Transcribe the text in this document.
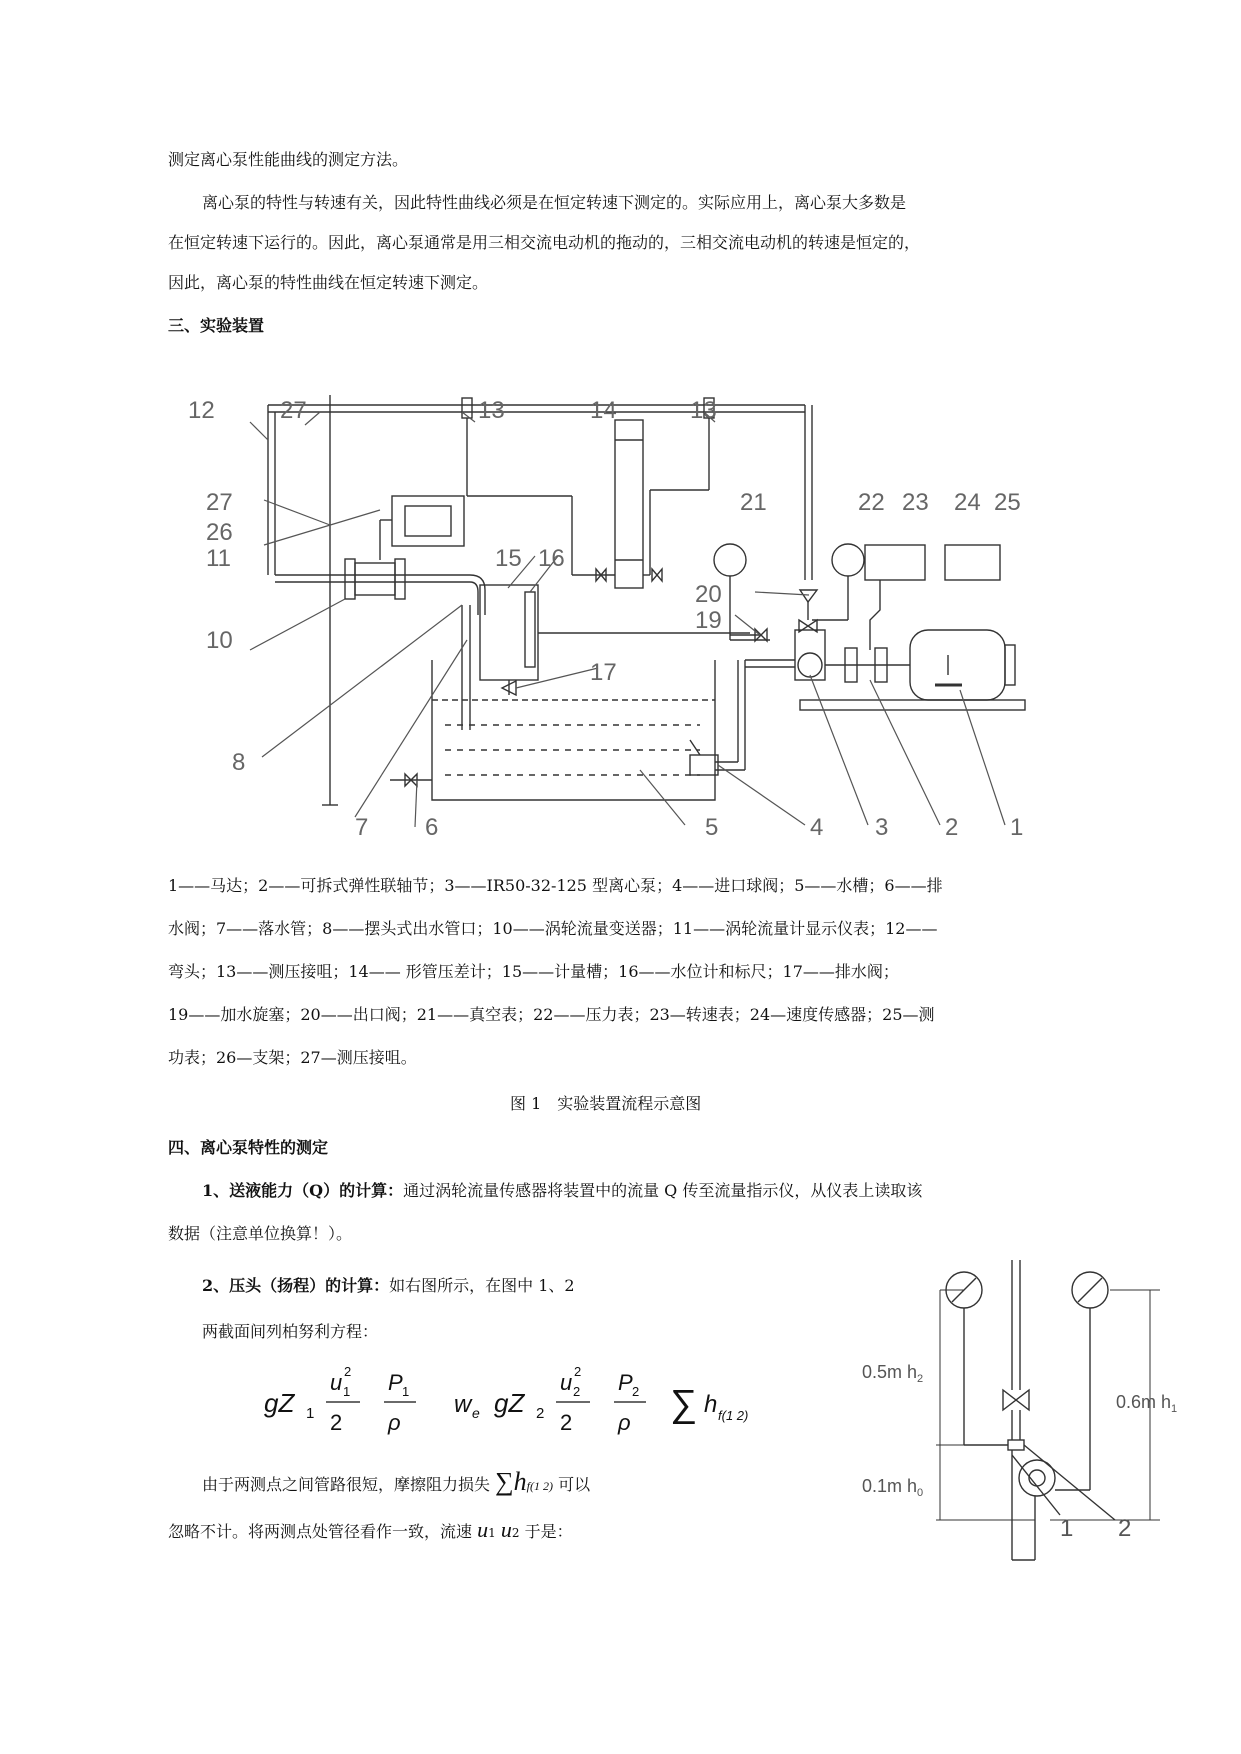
测定离心泵性能曲线的测定方法。
离心泵的特性与转速有关，因此特性曲线必须是在恒定转速下测定的。实际应用上，离心泵大多数是
在恒定转速下运行的。因此，离心泵通常是用三相交流电动机的拖动的，三相交流电动机的转速是恒定的，
因此，离心泵的特性曲线在恒定转速下测定。
三、实验装置
12	27	13	14	13
27
26
11
10
8
15 16
21	22 23 24 25
20
19
17
7 6	5	4 3 2 1
1——马达；2——可拆式弹性联轴节；3——IR50-32-125 型离心泵；4——进口球阀；5——水槽；6——排
水阀；7——落水管；8——摆头式出水管口；10——涡轮流量变送器；11——涡轮流量计显示仪表；12——
弯头；13——测压接咀；14—— 形管压差计；15——计量槽；16——水位计和标尺；17——排水阀；
19——加水旋塞；20——出口阀；21——真空表；22——压力表；23—转速表；24—速度传感器；25—测
功表；26—支架；27—测压接咀。
图 1　实验装置流程示意图
四、离心泵特性的测定
1、送液能力（Q）的计算：通过涡轮流量传感器将装置中的流量 Q 传至流量指示仪，从仪表上读取该
数据（注意单位换算！）。
2、压头（扬程）的计算：如右图所示，在图中 1、2
两截面间列柏努利方程：
gZ 1
u 1
2
2
P 1
ρ
w e gZ 2
u 2
2
2
P 2
ρ ∑ h f(1 2)
由于两测点之间管路很短，摩擦阻力损失 ∑hf(1 2) 可以
忽略不计。将两测点处管径看作一致，流速 u1 u2 于是：
0.5m $h_2$
0.1m $h_0$
0.6m $h_1$
1 2
